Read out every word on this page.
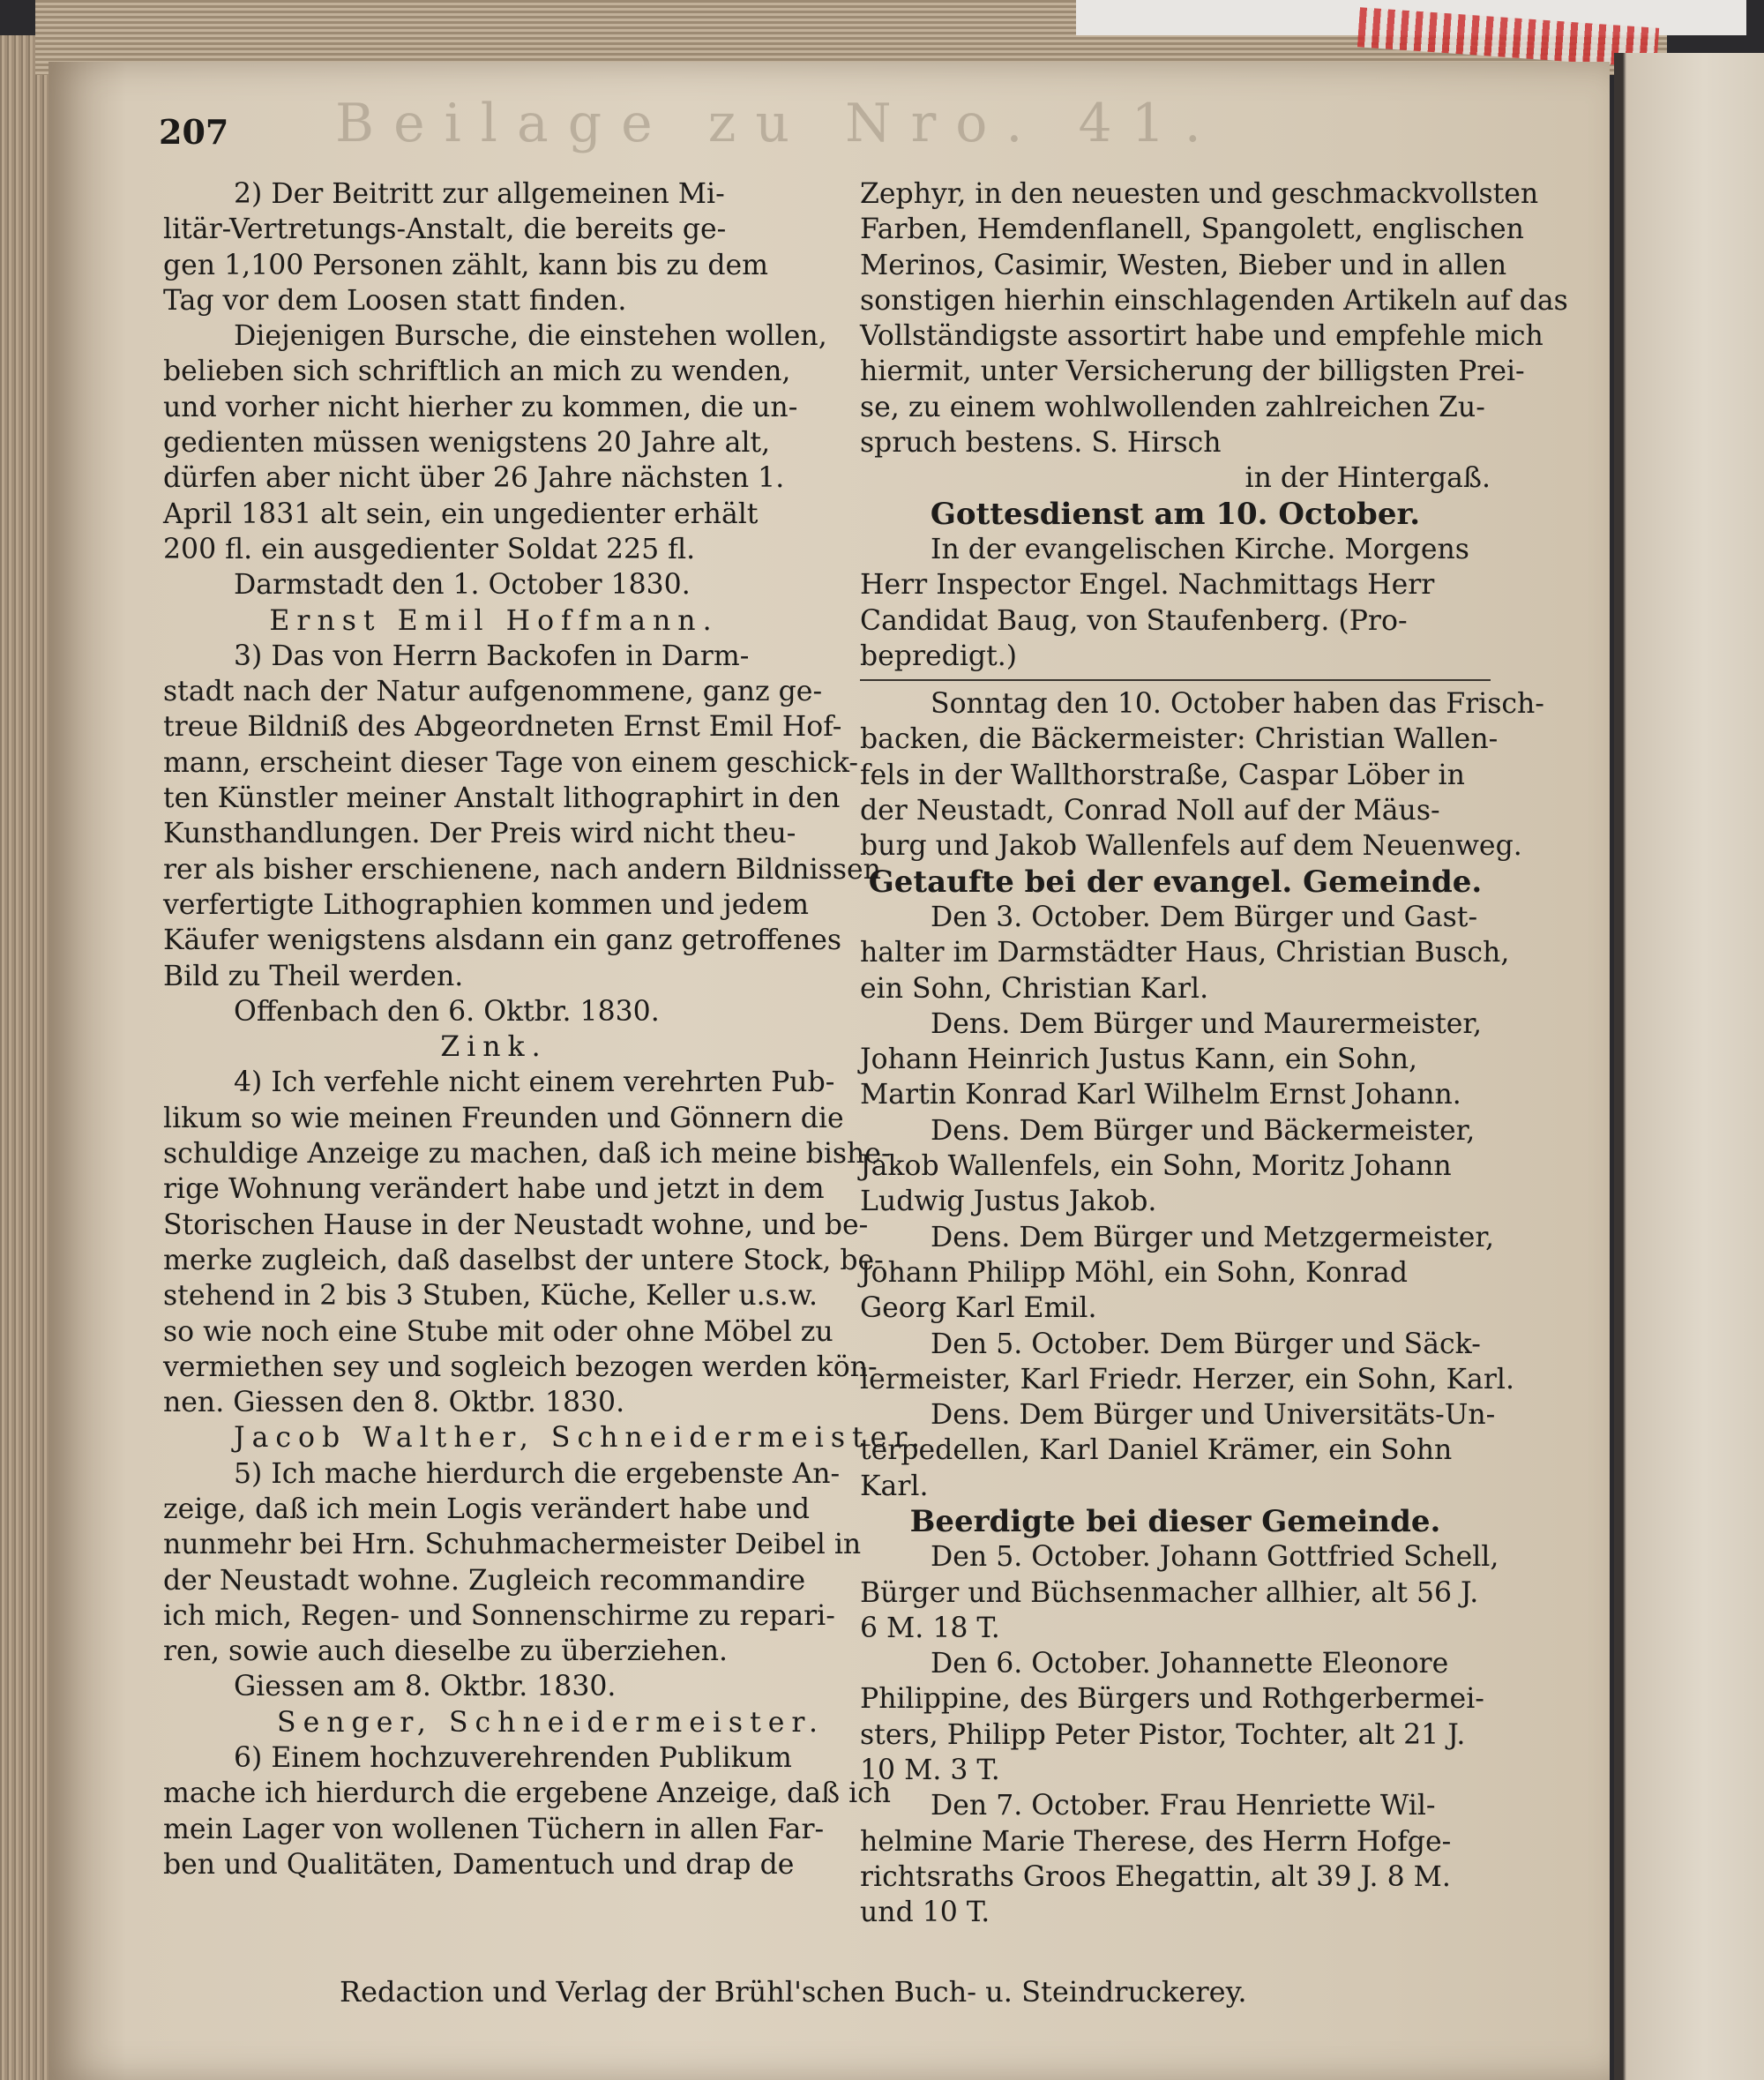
207 Beilage zu Nro. 41.
2) Der Beitritt zur allgemeinen Mi-
litär-Vertretungs-Anstalt, die bereits ge-
gen 1,100 Personen zählt, kann bis zu dem
Tag vor dem Loosen statt finden.
Diejenigen Bursche, die einstehen wollen,
belieben sich schriftlich an mich zu wenden,
und vorher nicht hierher zu kommen, die un-
gedienten müssen wenigstens 20 Jahre alt,
dürfen aber nicht über 26 Jahre nächsten 1.
April 1831 alt sein, ein ungedienter erhält
200 fl. ein ausgedienter Soldat 225 fl.
Darmstadt den 1. October 1830.
Ernst Emil Hoffmann.
3) Das von Herrn Backofen in Darm-
stadt nach der Natur aufgenommene, ganz ge-
treue Bildniß des Abgeordneten Ernst Emil Hof-
mann, erscheint dieser Tage von einem geschick-
ten Künstler meiner Anstalt lithographirt in den
Kunsthandlungen. Der Preis wird nicht theu-
rer als bisher erschienene, nach andern Bildnissen
verfertigte Lithographien kommen und jedem
Käufer wenigstens alsdann ein ganz getroffenes
Bild zu Theil werden.
Offenbach den 6. Oktbr. 1830.
Zink.
4) Ich verfehle nicht einem verehrten Pub-
likum so wie meinen Freunden und Gönnern die
schuldige Anzeige zu machen, daß ich meine bishe-
rige Wohnung verändert habe und jetzt in dem
Storischen Hause in der Neustadt wohne, und be-
merke zugleich, daß daselbst der untere Stock, be-
stehend in 2 bis 3 Stuben, Küche, Keller u.s.w.
so wie noch eine Stube mit oder ohne Möbel zu
vermiethen sey und sogleich bezogen werden kön-
nen. Giessen den 8. Oktbr. 1830.
Jacob Walther, Schneidermeister.
5) Ich mache hierdurch die ergebenste An-
zeige, daß ich mein Logis verändert habe und
nunmehr bei Hrn. Schuhmachermeister Deibel in
der Neustadt wohne. Zugleich recommandire
ich mich, Regen- und Sonnenschirme zu repari-
ren, sowie auch dieselbe zu überziehen.
Giessen am 8. Oktbr. 1830.
Senger, Schneidermeister.
6) Einem hochzuverehrenden Publikum
mache ich hierdurch die ergebene Anzeige, daß ich
mein Lager von wollenen Tüchern in allen Far-
ben und Qualitäten, Damentuch und drap de
Zephyr, in den neuesten und geschmackvollsten
Farben, Hemdenflanell, Spangolett, englischen
Merinos, Casimir, Westen, Bieber und in allen
sonstigen hierhin einschlagenden Artikeln auf das
Vollständigste assortirt habe und empfehle mich
hiermit, unter Versicherung der billigsten Prei-
se, zu einem wohlwollenden zahlreichen Zu-
spruch bestens. S. Hirsch
in der Hintergaß.
Gottesdienst am 10. October.
In der evangelischen Kirche. Morgens
Herr Inspector Engel. Nachmittags Herr
Candidat Baug, von Staufenberg. (Pro-
bepredigt.)
Sonntag den 10. October haben das Frisch-
backen, die Bäckermeister: Christian Wallen-
fels in der Wallthorstraße, Caspar Löber in
der Neustadt, Conrad Noll auf der Mäus-
burg und Jakob Wallenfels auf dem Neuenweg.
Getaufte bei der evangel. Gemeinde.
Den 3. October. Dem Bürger und Gast-
halter im Darmstädter Haus, Christian Busch,
ein Sohn, Christian Karl.
Dens. Dem Bürger und Maurermeister,
Johann Heinrich Justus Kann, ein Sohn,
Martin Konrad Karl Wilhelm Ernst Johann.
Dens. Dem Bürger und Bäckermeister,
Jakob Wallenfels, ein Sohn, Moritz Johann
Ludwig Justus Jakob.
Dens. Dem Bürger und Metzgermeister,
Johann Philipp Möhl, ein Sohn, Konrad
Georg Karl Emil.
Den 5. October. Dem Bürger und Säck-
lermeister, Karl Friedr. Herzer, ein Sohn, Karl.
Dens. Dem Bürger und Universitäts-Un-
terpedellen, Karl Daniel Krämer, ein Sohn
Karl.
Beerdigte bei dieser Gemeinde.
Den 5. October. Johann Gottfried Schell,
Bürger und Büchsenmacher allhier, alt 56 J.
6 M. 18 T.
Den 6. October. Johannette Eleonore
Philippine, des Bürgers und Rothgerbermei-
sters, Philipp Peter Pistor, Tochter, alt 21 J.
10 M. 3 T.
Den 7. October. Frau Henriette Wil-
helmine Marie Therese, des Herrn Hofge-
richtsraths Groos Ehegattin, alt 39 J. 8 M.
und 10 T.
Redaction und Verlag der Brühl'schen Buch- u. Steindruckerey.
